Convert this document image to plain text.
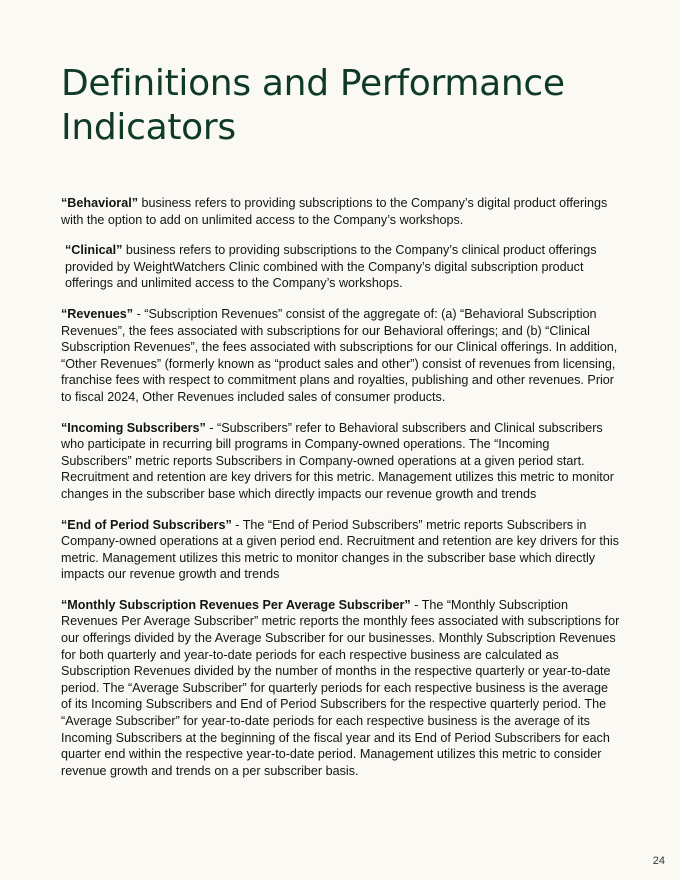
Definitions and Performance Indicators

“Behavioral” business refers to providing subscriptions to the Company’s digital product offerings with the option to add on unlimited access to the Company’s workshops.

“Clinical” business refers to providing subscriptions to the Company’s clinical product offerings provided by WeightWatchers Clinic combined with the Company’s digital subscription product offerings and unlimited access to the Company’s workshops.

“Revenues” - “Subscription Revenues” consist of the aggregate of: (a) “Behavioral Subscription Revenues”, the fees associated with subscriptions for our Behavioral offerings; and (b) “Clinical Subscription Revenues”, the fees associated with subscriptions for our Clinical offerings. In addition, “Other Revenues” (formerly known as “product sales and other”) consist of revenues from licensing, franchise fees with respect to commitment plans and royalties, publishing and other revenues. Prior to fiscal 2024, Other Revenues included sales of consumer products.

“Incoming Subscribers” - “Subscribers” refer to Behavioral subscribers and Clinical subscribers who participate in recurring bill programs in Company-owned operations. The “Incoming Subscribers” metric reports Subscribers in Company-owned operations at a given period start. Recruitment and retention are key drivers for this metric. Management utilizes this metric to monitor changes in the subscriber base which directly impacts our revenue growth and trends

“End of Period Subscribers” - The “End of Period Subscribers” metric reports Subscribers in Company-owned operations at a given period end. Recruitment and retention are key drivers for this metric. Management utilizes this metric to monitor changes in the subscriber base which directly impacts our revenue growth and trends

“Monthly Subscription Revenues Per Average Subscriber” - The “Monthly Subscription Revenues Per Average Subscriber” metric reports the monthly fees associated with subscriptions for our offerings divided by the Average Subscriber for our businesses. Monthly Subscription Revenues for both quarterly and year-to-date periods for each respective business are calculated as Subscription Revenues divided by the number of months in the respective quarterly or year-to-date period. The “Average Subscriber” for quarterly periods for each respective business is the average of its Incoming Subscribers and End of Period Subscribers for the respective quarterly period. The “Average Subscriber” for year-to-date periods for each respective business is the average of its Incoming Subscribers at the beginning of the fiscal year and its End of Period Subscribers for each quarter end within the respective year-to-date period. Management utilizes this metric to consider revenue growth and trends on a per subscriber basis.

24
